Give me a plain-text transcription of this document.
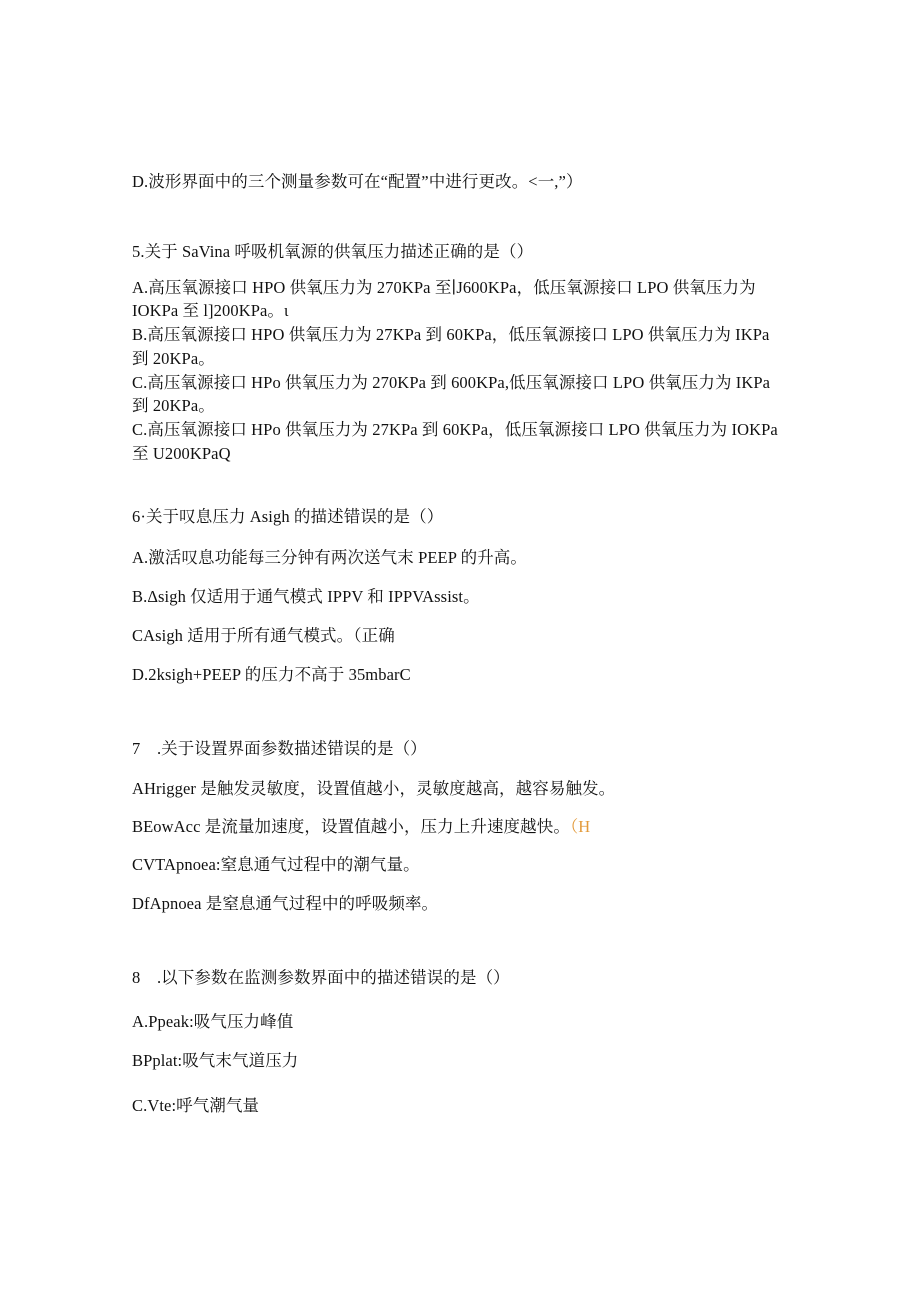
D.波形界面中的三个测量参数可在“配置”中进行更改。<一,”）
5.关于 SaVina 呼吸机氧源的供氧压力描述正确的是（）
A.高压氧源接口 HPO 供氧压力为 270KPa 至∣J600KPa，低压氧源接口 LPO 供氧压力为
IOKPa 至 l]200KPa。ι
B.高压氧源接口 HPO 供氧压力为 27KPa 到 60KPa，低压氧源接口 LPO 供氧压力为 IKPa
到 20KPa。
C.高压氧源接口 HPo 供氧压力为 270KPa 到 600KPa,低压氧源接口 LPO 供氧压力为 IKPa
到 20KPa。
C.高压氧源接口 HPo 供氧压力为 27KPa 到 60KPa，低压氧源接口 LPO 供氧压力为 IOKPa
至 U200KPaQ
6·关于叹息压力 Asigh 的描述错误的是（）
A.激活叹息功能每三分钟有两次送气末 PEEP 的升高。
B.Δsigh 仅适用于通气模式 IPPV 和 IPPVAssist。
CAsigh 适用于所有通气模式。（正确
D.2ksigh+PEEP 的压力不高于 35mbarC
7　.关于设置界面参数描述错误的是（）
AHrigger 是触发灵敏度，设置值越小，灵敏度越高，越容易触发。
BEowAcc 是流量加速度，设置值越小，压力上升速度越快。（H
CVTApnoea:窒息通气过程中的潮气量。
DfApnoea 是窒息通气过程中的呼吸频率。
8　.以下参数在监测参数界面中的描述错误的是（）
A.Ppeak:吸气压力峰值
BPplat:吸气末气道压力
C.Vte:呼气潮气量
